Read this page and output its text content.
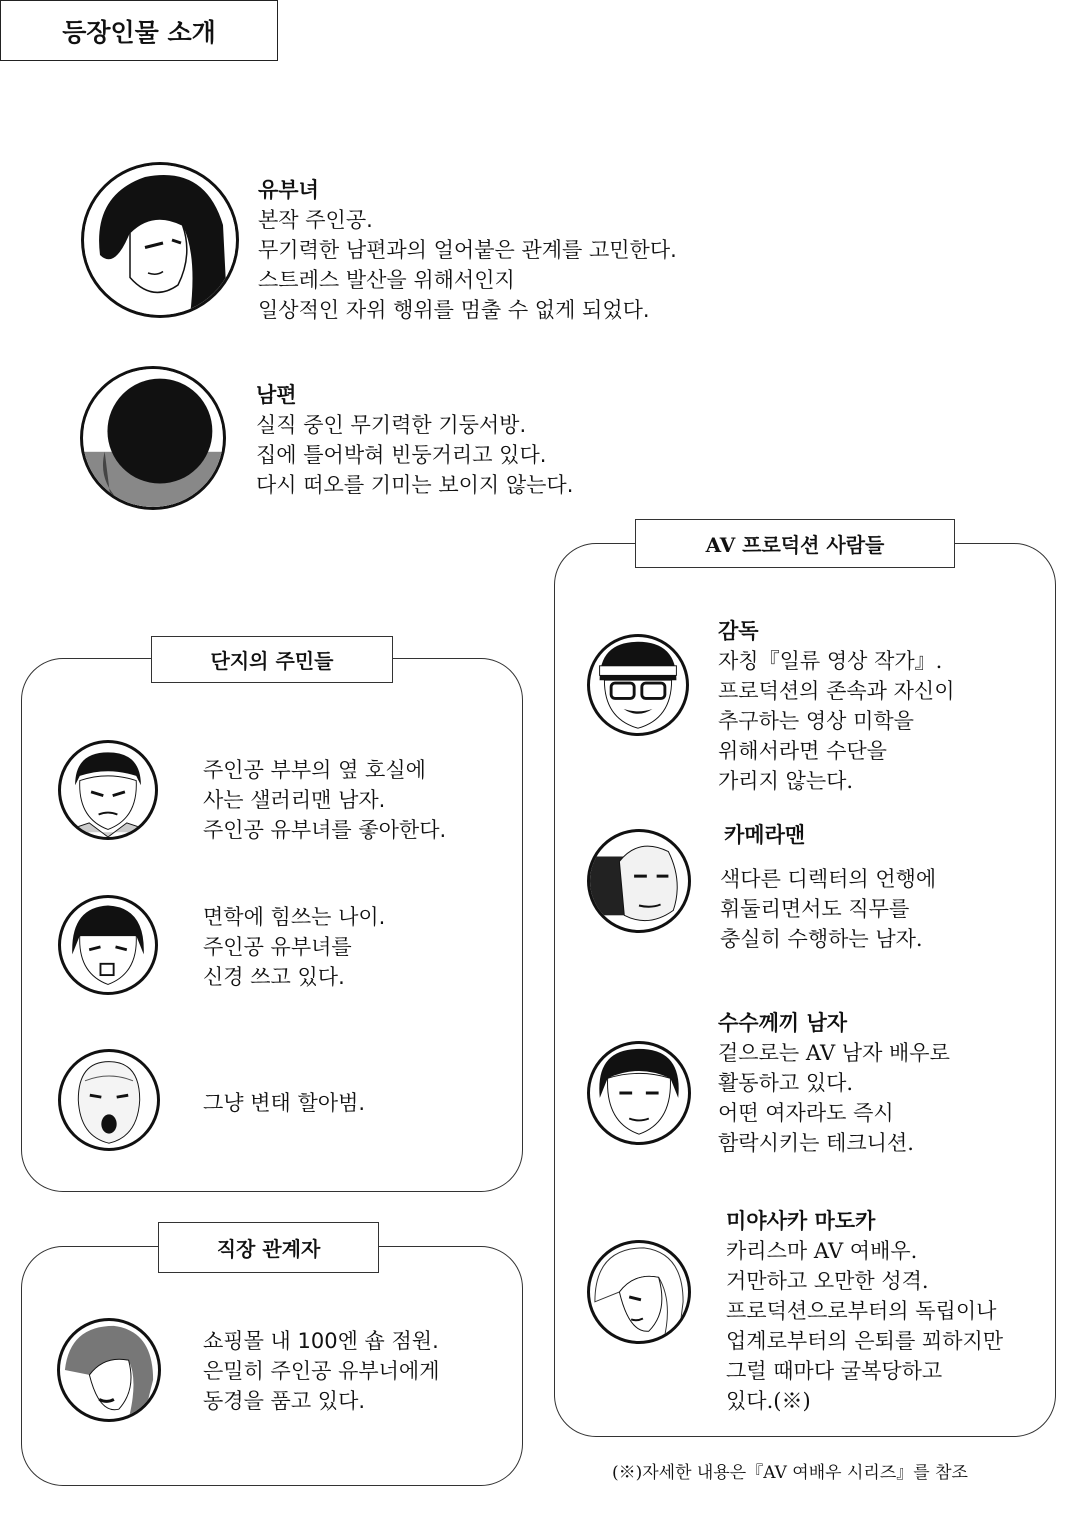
등장인물 소개
유부녀
본작 주인공.
무기력한 남편과의 얼어붙은 관계를 고민한다.
스트레스 발산을 위해서인지
일상적인 자위 행위를 멈출 수 없게 되었다.
남편
실직 중인 무기력한 기둥서방.
집에 틀어박혀 빈둥거리고 있다.
다시 떠오를 기미는 보이지 않는다.
단지의 주민들
주인공 부부의 옆 호실에
사는 샐러리맨 남자.
주인공 유부녀를 좋아한다.
면학에 힘쓰는 나이.
주인공 유부녀를
신경 쓰고 있다.
그냥 변태 할아범.
직장 관계자
쇼핑몰 내 100엔 숍 점원.
은밀히 주인공 유부너에게
동경을 품고 있다.
AV 프로덕션 사람들
감독
자칭『일류 영상 작가』.
프로덕션의 존속과 자신이
추구하는 영상 미학을
위해서라면 수단을
가리지 않는다.
카메라맨
색다른 디렉터의 언행에
휘둘리면서도 직무를
충실히 수행하는 남자.
수수께끼 남자
겉으로는 AV 남자 배우로
활동하고 있다.
어떤 여자라도 즉시
함락시키는 테크니션.
미야사카 마도카
카리스마 AV 여배우.
거만하고 오만한 성격.
프로덕션으로부터의 독립이나
업계로부터의 은퇴를 꾀하지만
그럴 때마다 굴복당하고
있다.(※)
(※)자세한 내용은『AV 여배우 시리즈』를 참조
